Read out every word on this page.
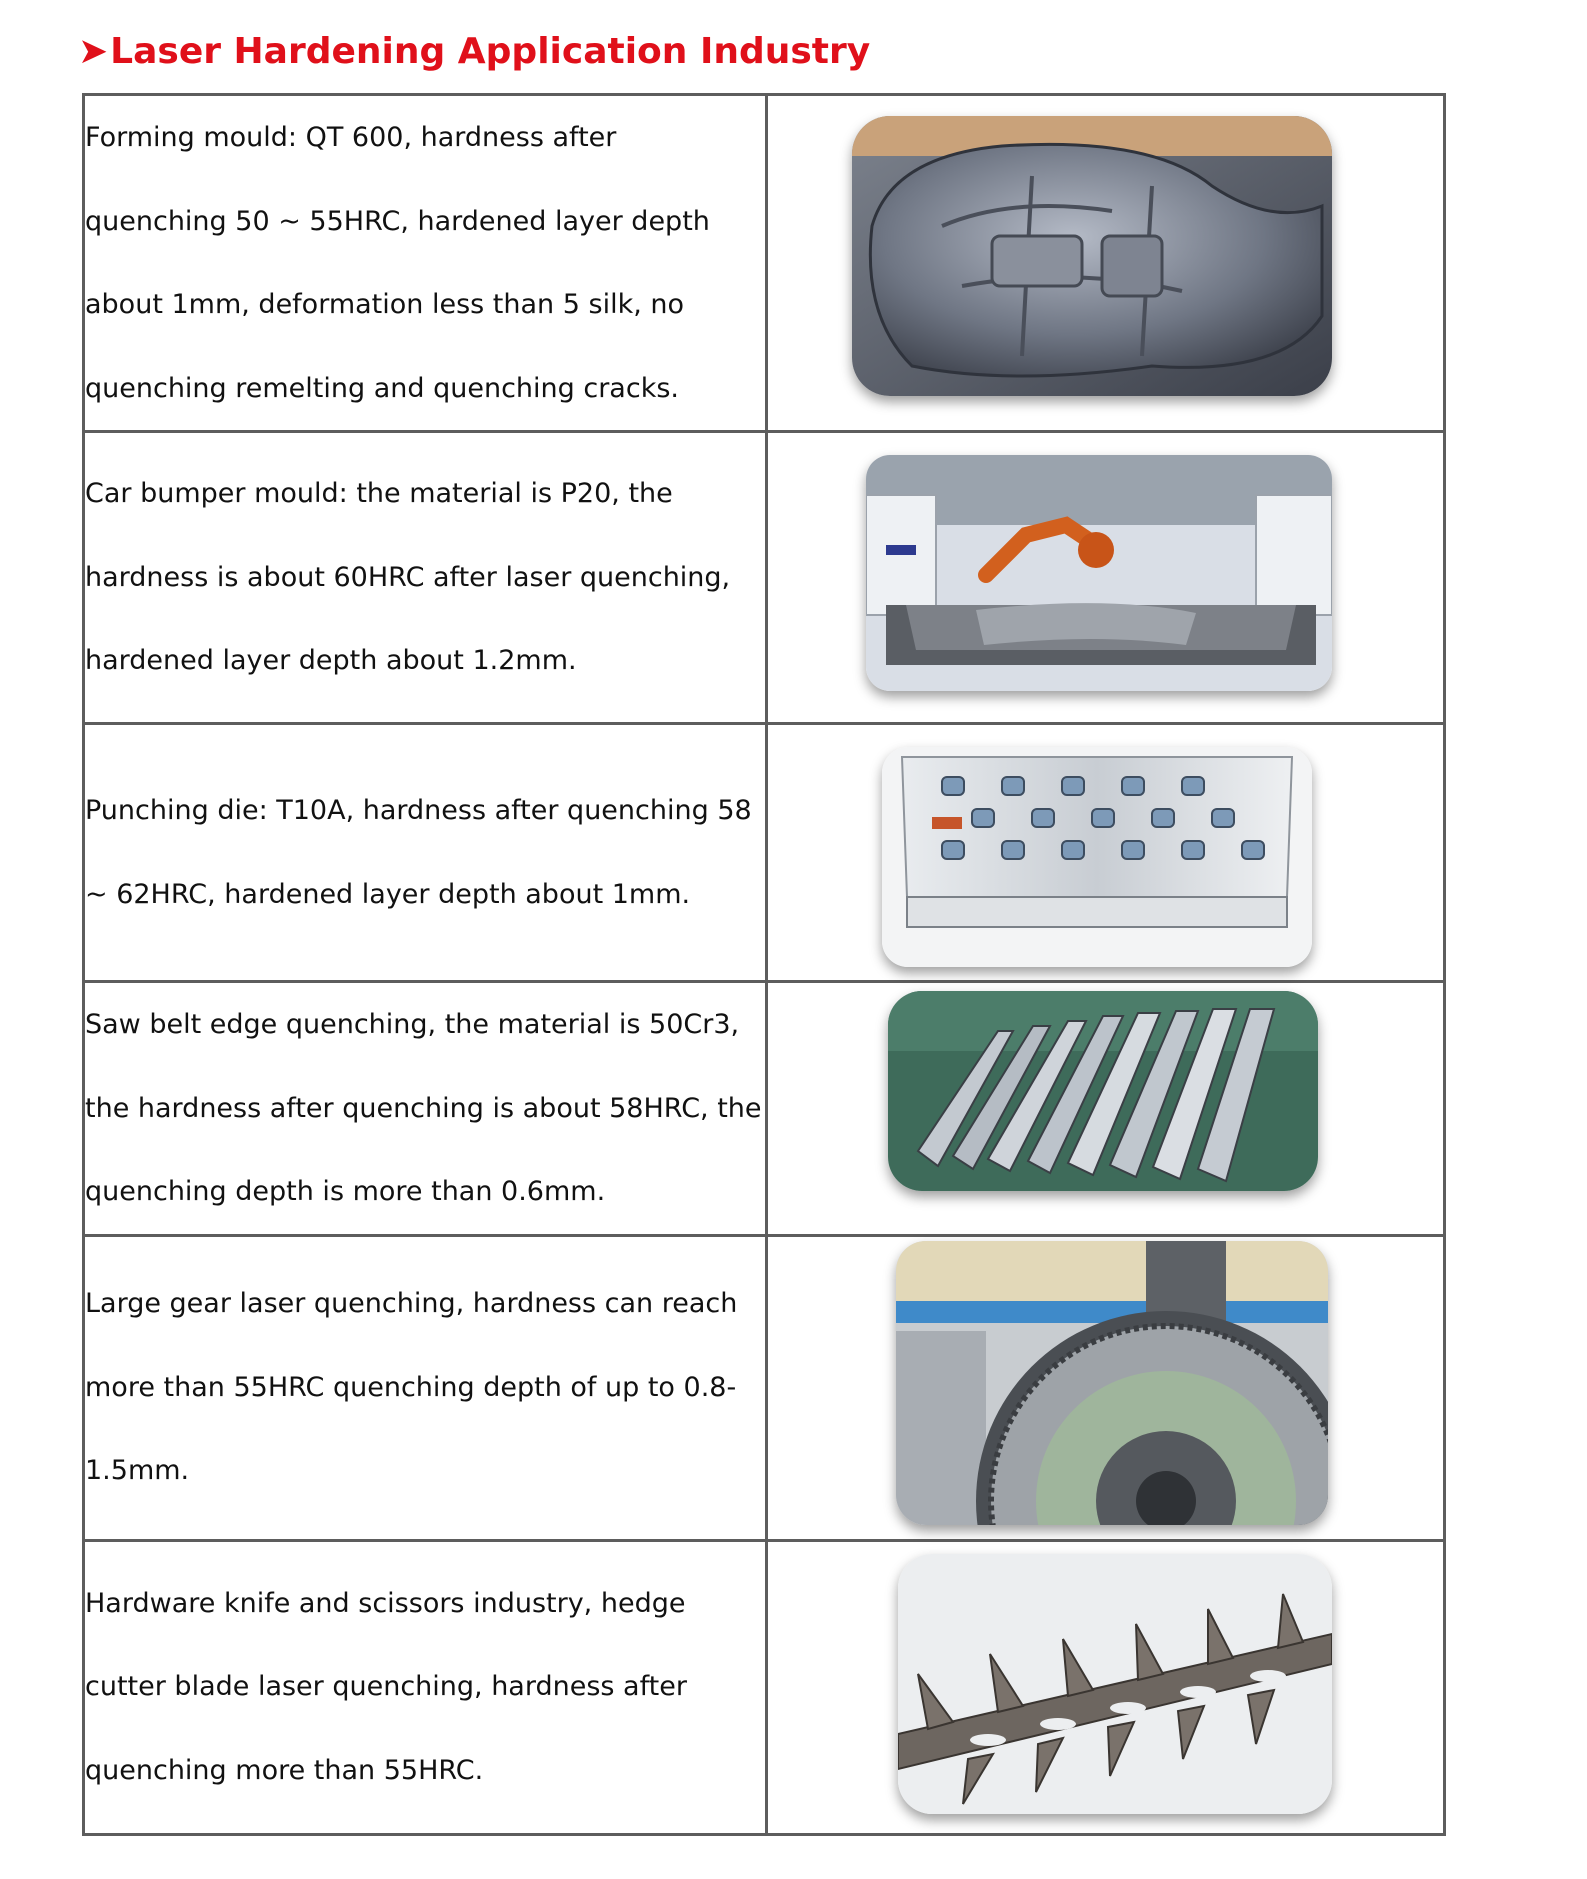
➤Laser Hardening Application Industry

Forming mould: QT 600, hardness after quenching 50 ~ 55HRC, hardened layer depth about 1mm, deformation less than 5 silk, no quenching remelting and quenching cracks.

Car bumper mould: the material is P20, the hardness is about 60HRC after laser quenching, hardened layer depth about 1.2mm.

Punching die: T10A, hardness after quenching 58 ~ 62HRC, hardened layer depth about 1mm.

Saw belt edge quenching, the material is 50Cr3, the hardness after quenching is about 58HRC, the quenching depth is more than 0.6mm.

Large gear laser quenching, hardness can reach more than 55HRC quenching depth of up to 0.8-1.5mm.

Hardware knife and scissors industry, hedge cutter blade laser quenching, hardness after quenching more than 55HRC.
